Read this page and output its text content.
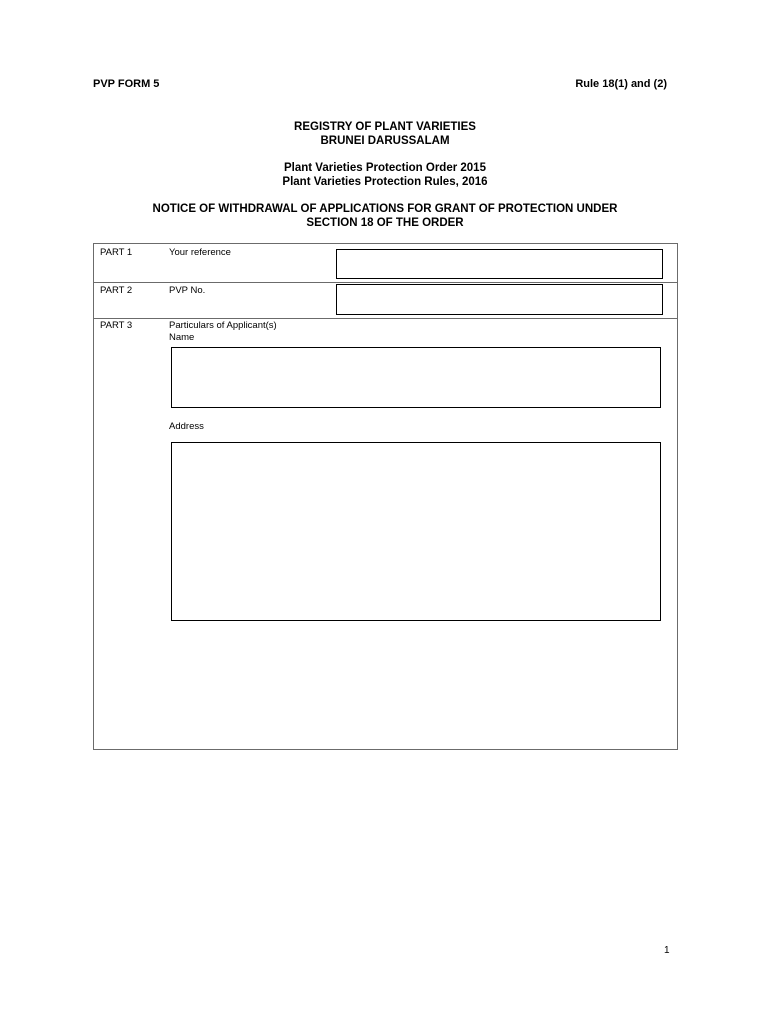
PVP FORM 5	Rule 18(1) and (2)
REGISTRY OF PLANT VARIETIES
BRUNEI DARUSSALAM
Plant Varieties Protection Order 2015
Plant Varieties Protection Rules, 2016
NOTICE OF WITHDRAWAL OF APPLICATIONS FOR GRANT OF PROTECTION UNDER
SECTION 18 OF THE ORDER
PART 1	Your reference
PART 2	PVP No.
PART 3	Particulars of Applicant(s)
Name
Address
1
